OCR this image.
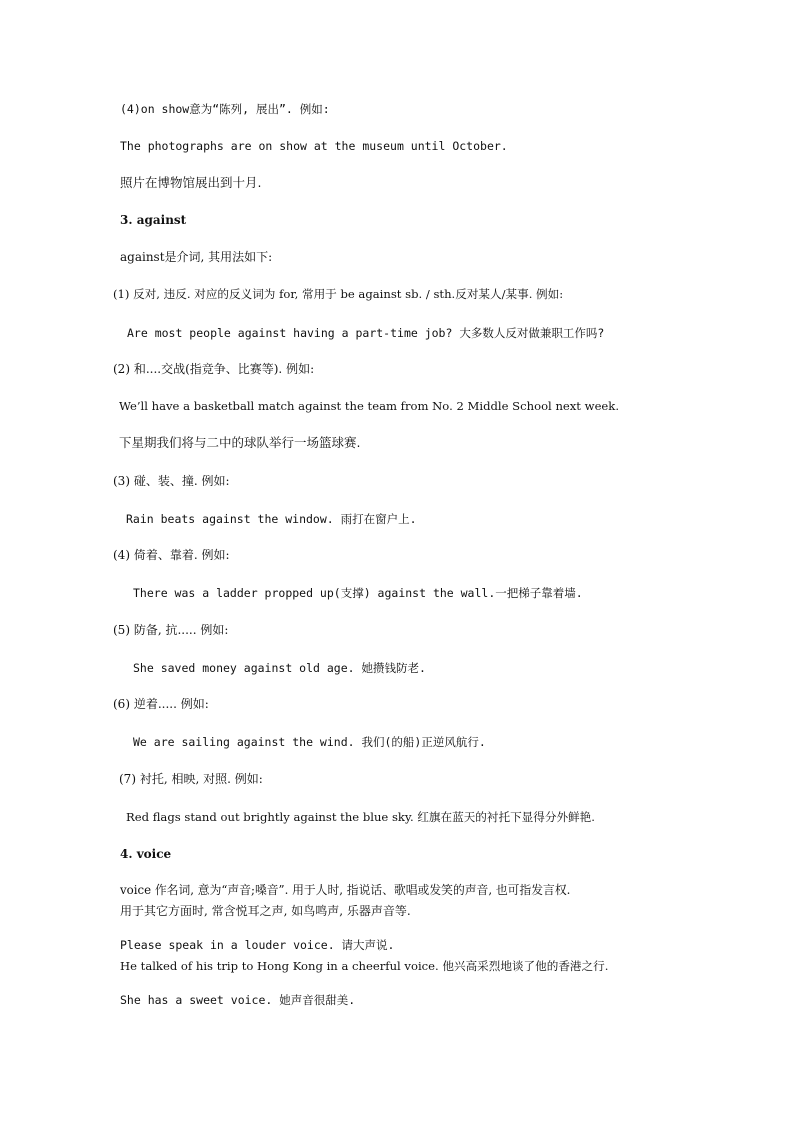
(4)on show意为“陈列, 展出”. 例如:
The photographs are on show at the museum until October.
照片在博物馆展出到十月.
3. against
against是介词, 其用法如下:
(1) 反对, 违反. 对应的反义词为 for, 常用于 be against sb. / sth.反对某人/某事. 例如:
Are most people against having a part-time job? 大多数人反对做兼职工作吗?
(2) 和....交战(指竞争、比赛等). 例如:
We’ll have a basketball match against the team from No. 2 Middle School next week.
下星期我们将与二中的球队举行一场篮球赛.
(3) 碰、装、撞. 例如:
Rain beats against the window. 雨打在窗户上.
(4) 倚着、靠着. 例如:
There was a ladder propped up(支撑) against the wall.一把梯子靠着墙.
(5) 防备, 抗..... 例如:
She saved money against old age. 她攒钱防老.
(6) 逆着..... 例如:
We are sailing against the wind. 我们(的船)正逆风航行.
(7) 衬托, 相映, 对照. 例如:
Red flags stand out brightly against the blue sky. 红旗在蓝天的衬托下显得分外鲜艳.
4. voice
voice 作名词, 意为“声音;嗓音”. 用于人时, 指说话、歌唱或发笑的声音, 也可指发言权.
用于其它方面时, 常含悦耳之声, 如鸟鸣声, 乐器声音等.
Please speak in a louder voice. 请大声说.
He talked of his trip to Hong Kong in a cheerful voice. 他兴高采烈地谈了他的香港之行.
She has a sweet voice. 她声音很甜美.
